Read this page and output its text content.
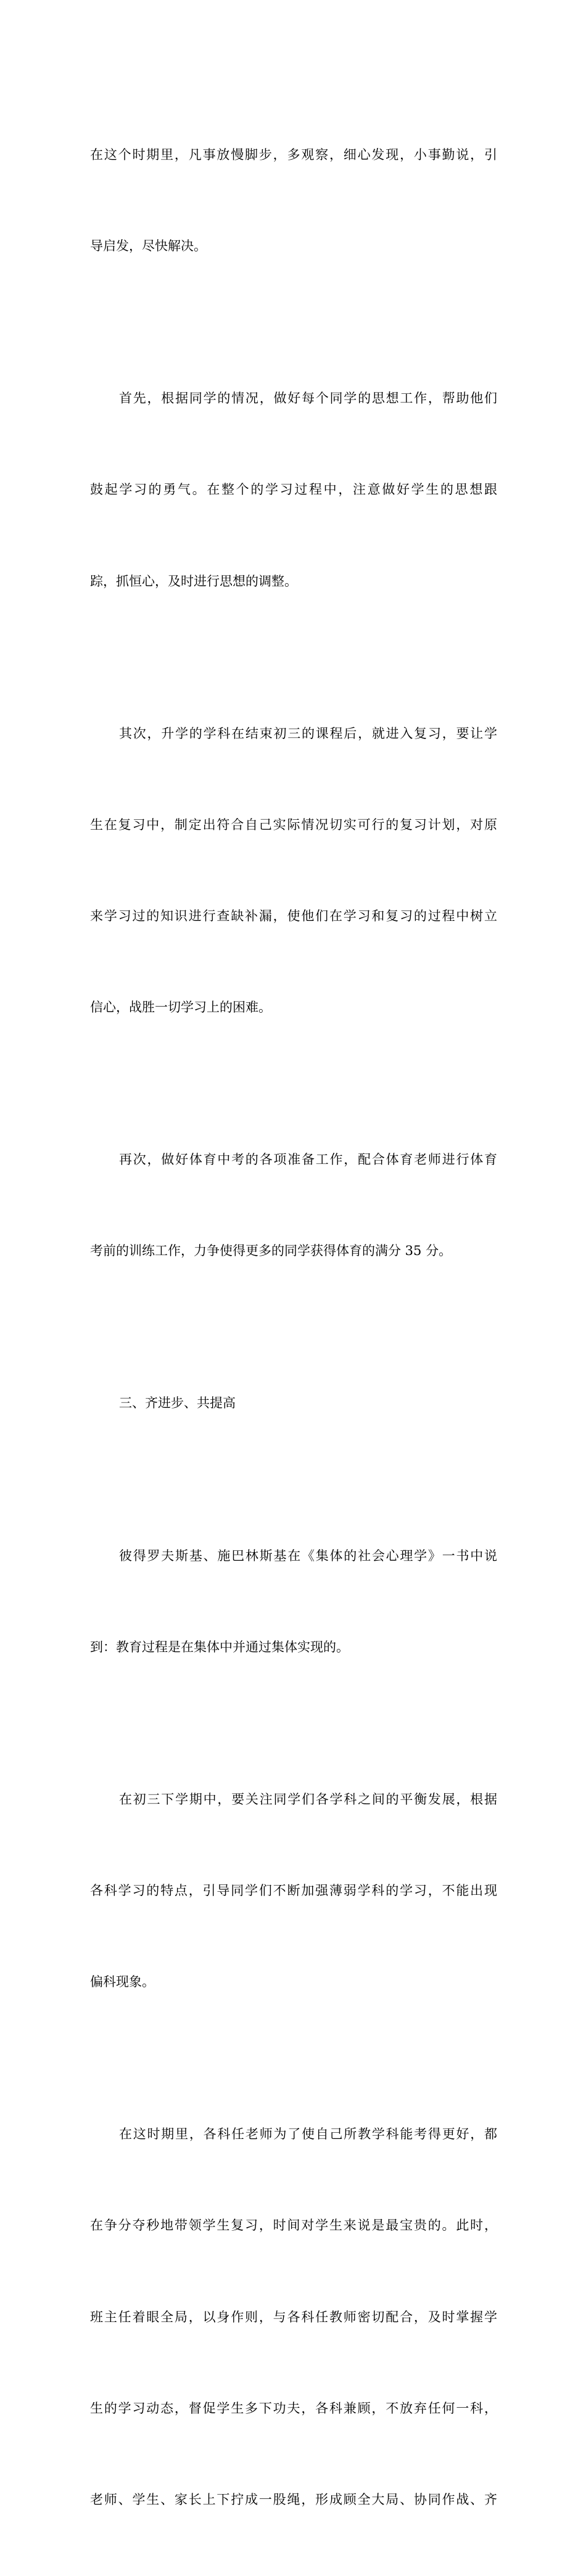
在这个时期里，凡事放慢脚步，多观察，细心发现，小事勤说，引

导启发，尽快解决。

首先，根据同学的情况，做好每个同学的思想工作，帮助他们

鼓起学习的勇气。在整个的学习过程中，注意做好学生的思想跟

踪，抓恒心，及时进行思想的调整。

其次，升学的学科在结束初三的课程后，就进入复习，要让学

生在复习中，制定出符合自己实际情况切实可行的复习计划，对原

来学习过的知识进行查缺补漏，使他们在学习和复习的过程中树立

信心，战胜一切学习上的困难。

再次，做好体育中考的各项准备工作，配合体育老师进行体育

考前的训练工作，力争使得更多的同学获得体育的满分 35 分。

三、齐进步、共提高

彼得罗夫斯基、施巴林斯基在《集体的社会心理学》一书中说

到：教育过程是在集体中并通过集体实现的。

在初三下学期中，要关注同学们各学科之间的平衡发展，根据

各科学习的特点，引导同学们不断加强薄弱学科的学习，不能出现

偏科现象。

在这时期里，各科任老师为了使自己所教学科能考得更好，都

在争分夺秒地带领学生复习，时间对学生来说是最宝贵的。此时，

班主任着眼全局，以身作则，与各科任教师密切配合，及时掌握学

生的学习动态，督促学生多下功夫，各科兼顾，不放弃任何一科，

老师、学生、家长上下拧成一股绳，形成顾全大局、协同作战、齐
